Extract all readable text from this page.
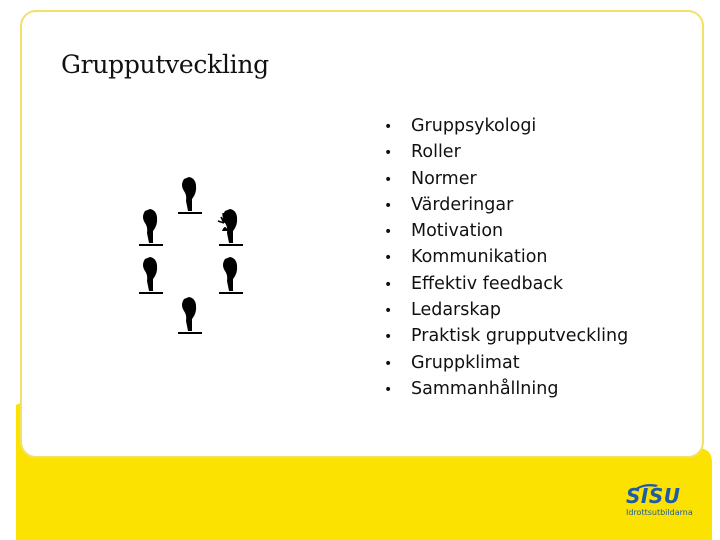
Grupputveckling
• Gruppsykologi
• Roller
• Normer
• Värderingar
• Motivation
• Kommunikation
• Effektiv feedback
• Ledarskap
• Praktisk grupputveckling
• Gruppklimat
• Sammanhållning
SISU
Idrottsutbildarna
